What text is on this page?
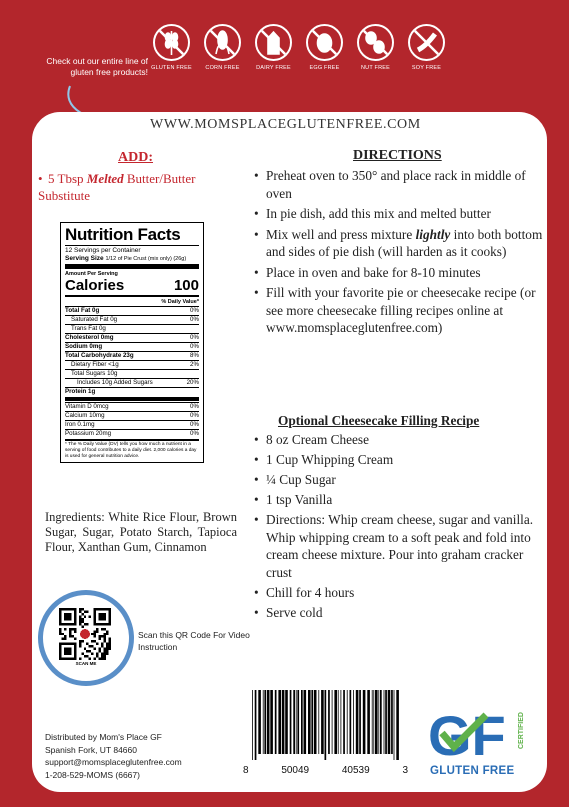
Check out our entire line of gluten free products! GLUTEN FREE CORN FREE	DAIRY FREE	EGG FREE	NUT FREE	SOY FREE
WWW.MOMSPLACEGLUTENFREE.COM
ADD:
• 5 Tbsp Melted Butter/Butter Substitute
Nutrition Facts
12 Servings per Container
Serving Size 1/12 of Pie Crust (mix only) (26g)
Amount Per Serving
Calories	100
% Daily Value*
Total Fat 0g	0%
Saturated Fat 0g	0%
Trans Fat 0g
Cholesterol 0mg	0%
Sodium 0mg	0%
Total Carbohydrate 23g	8%
Dietary Fiber <1g	2%
Total Sugars 10g
Includes 10g Added Sugars	20%
Protein 1g
Vitamin D 0mcg	0%
Calcium 10mg	0%
Iron 0.1mg	0%
Potassium 20mg	0%
* The % Daily Value (DV) tells you how much a nutrient in a serving of food contributes to a daily diet. 2,000 calories a day is used for general nutrition advice.
Ingredients: White Rice Flour, Brown Sugar, Sugar, Potato Starch, Tapioca Flour, Xanthan Gum, Cinnamon
SCAN ME
Scan this QR Code For Video Instruction
Distributed by Mom's Place GF
Spanish Fork, UT 84660
support@momsplaceglutenfree.com
1-208-529-MOMS (6667)
DIRECTIONS
• Preheat oven to 350° and place rack in middle of oven
• In pie dish, add this mix and melted butter
• Mix well and press mixture lightly into both bottom and sides of pie dish (will harden as it cooks)
• Place in oven and bake for 8-10 minutes
• Fill with your favorite pie or cheesecake recipe (or see more cheesecake filling recipes online at www.momsplaceglutenfree.com)
Optional Cheesecake Filling Recipe
• 8 oz Cream Cheese
• 1 Cup Whipping Cream
• ¼ Cup Sugar
• 1 tsp Vanilla
• Directions: Whip cream cheese, sugar and vanilla. Whip whipping cream to a soft peak and fold into cream cheese mixture. Pour into graham cracker crust
• Chill for 4 hours
• Serve cold
8	50049	40539	3
GF CERTIFIED
GLUTEN FREE
